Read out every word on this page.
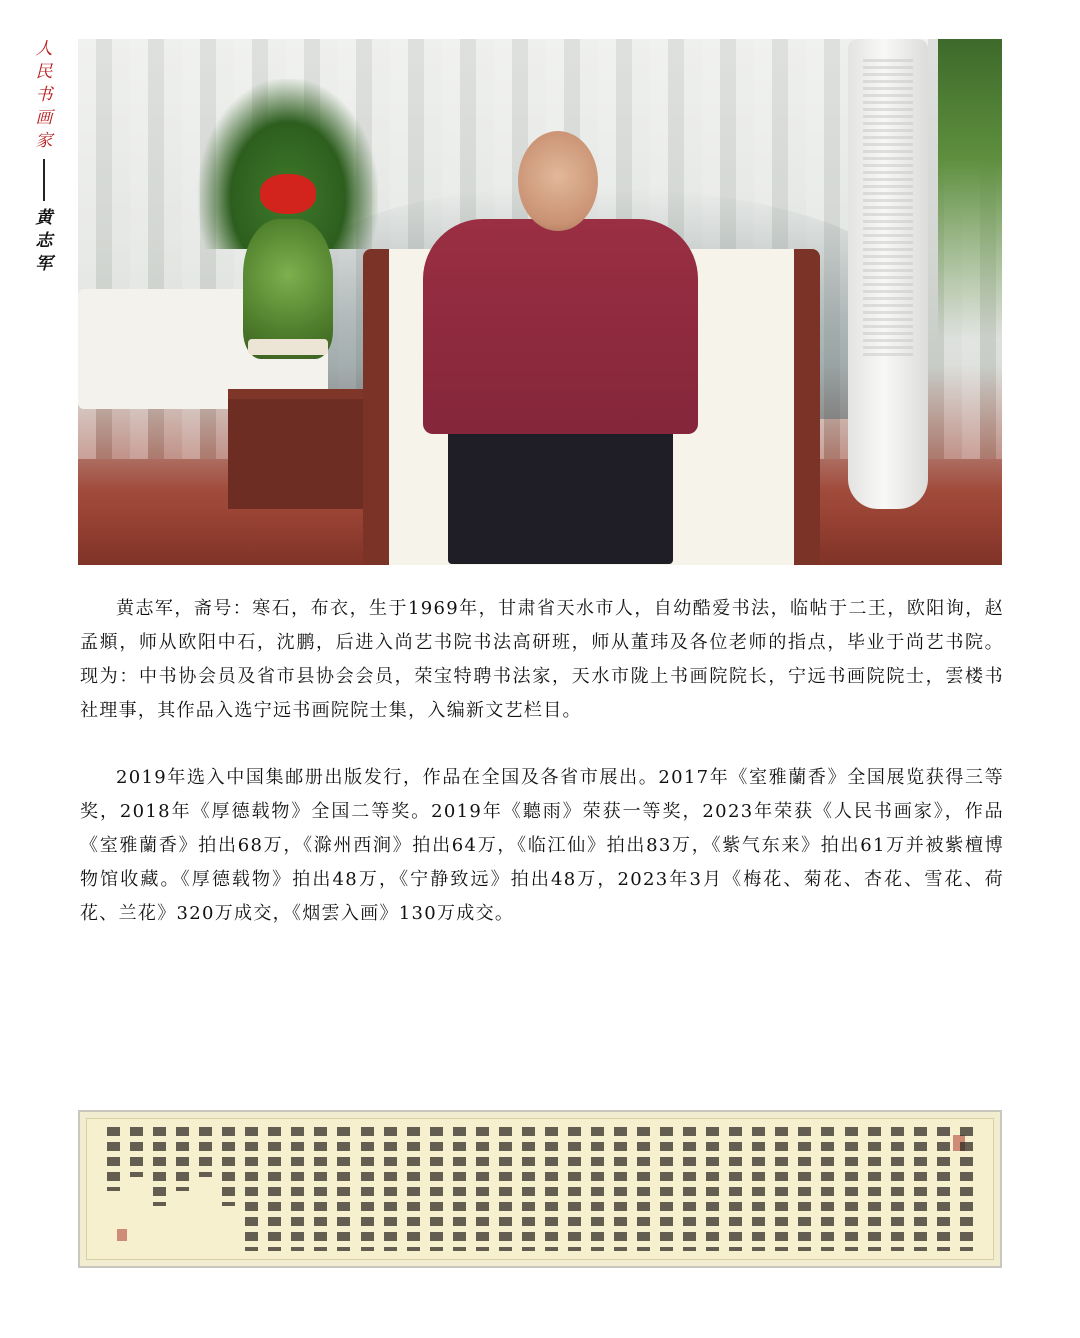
人
民
书
画
家
黄
志
军

黄志军，斋号：寒石，布衣，生于1969年，甘肃省天水市人，自幼酷爱书法，临帖于二王，欧阳询，赵孟頫，师从欧阳中石，沈鹏，后进入尚艺书院书法高研班，师从董玮及各位老师的指点，毕业于尚艺书院。现为：中书协会员及省市县协会会员，荣宝特聘书法家，天水市陇上书画院院长，宁远书画院院士，雲楼书社理事，其作品入选宁远书画院院士集，入编新文艺栏目。

2019年选入中国集邮册出版发行，作品在全国及各省市展出。2017年《室雅蘭香》全国展览获得三等奖，2018年《厚德载物》全国二等奖。2019年《聽雨》荣获一等奖，2023年荣获《人民书画家》，作品《室雅蘭香》拍出68万，《滁州西涧》拍出64万，《临江仙》拍出83万，《紫气东来》拍出61万并被紫檀博物馆收藏。《厚德载物》拍出48万，《宁静致远》拍出48万，2023年3月《梅花、菊花、杏花、雪花、荷花、兰花》320万成交，《烟雲入画》130万成交。
